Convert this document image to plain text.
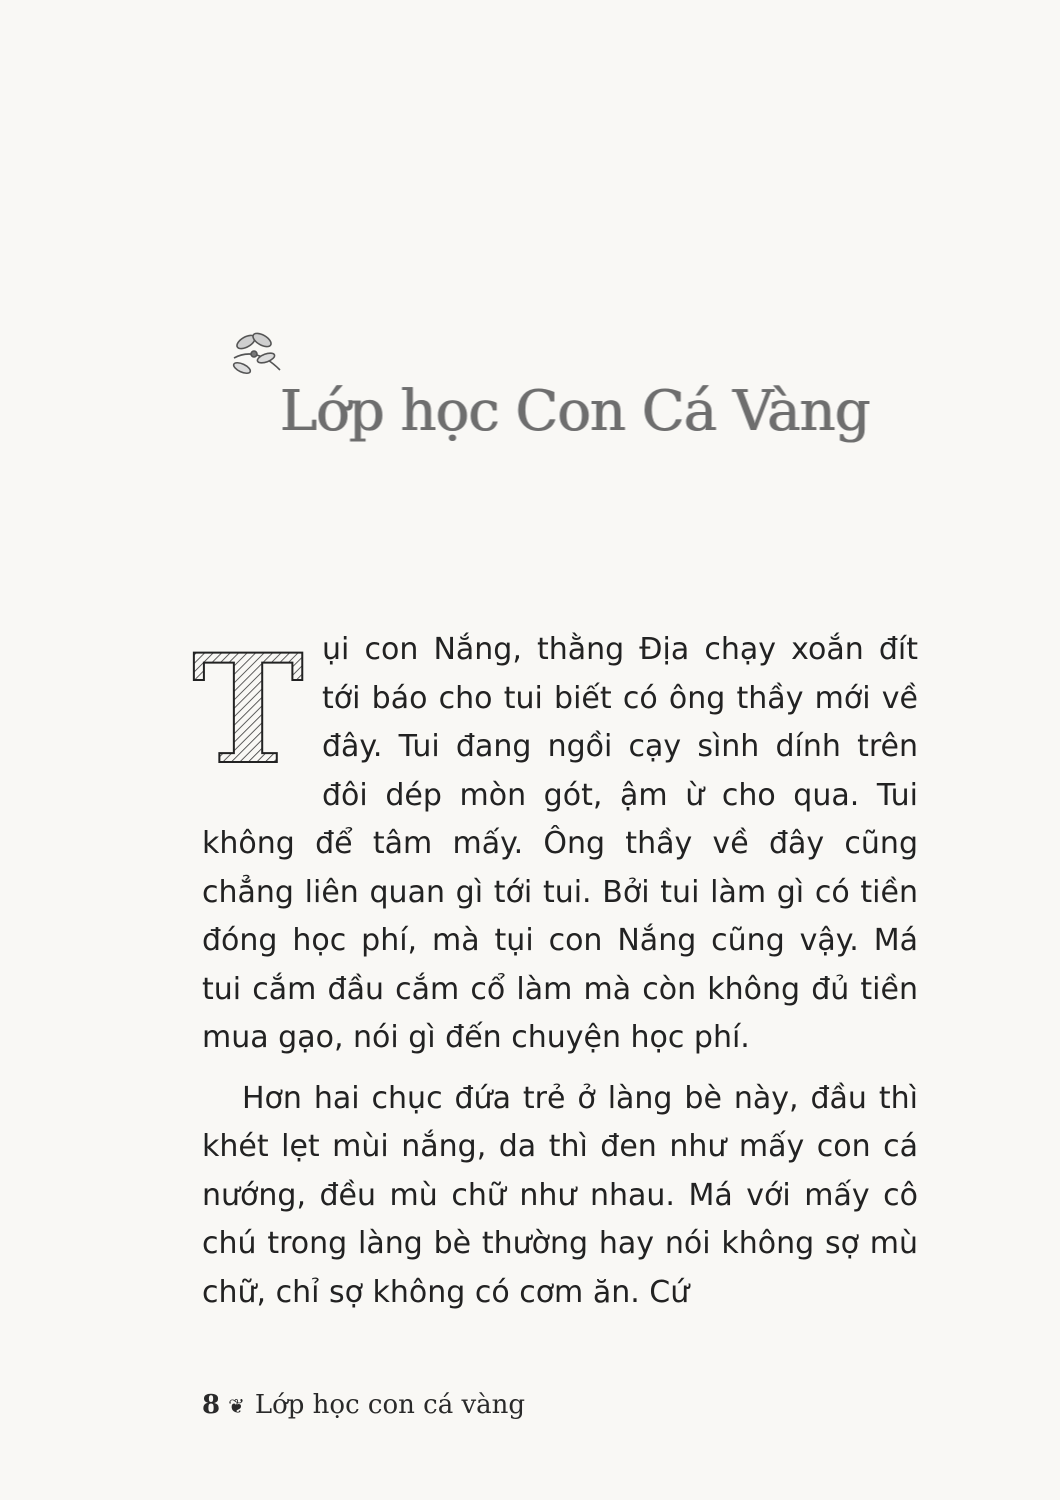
Lớp học Con Cá Vàng

T ụi con Nắng, thằng Địa chạy xoắn đít tới báo cho tui biết có ông thầy mới về đây. Tui đang ngồi cạy sình dính trên đôi dép mòn gót, ậm ừ cho qua. Tui không để tâm mấy. Ông thầy về đây cũng chẳng liên quan gì tới tui. Bởi tui làm gì có tiền đóng học phí, mà tụi con Nắng cũng vậy. Má tui cắm đầu cắm cổ làm mà còn không đủ tiền mua gạo, nói gì đến chuyện học phí.

Hơn hai chục đứa trẻ ở làng bè này, đầu thì khét lẹt mùi nắng, da thì đen như mấy con cá nướng, đều mù chữ như nhau. Má với mấy cô chú trong làng bè thường hay nói không sợ mù chữ, chỉ sợ không có cơm ăn. Cứ

8 ❦ Lớp học con cá vàng
